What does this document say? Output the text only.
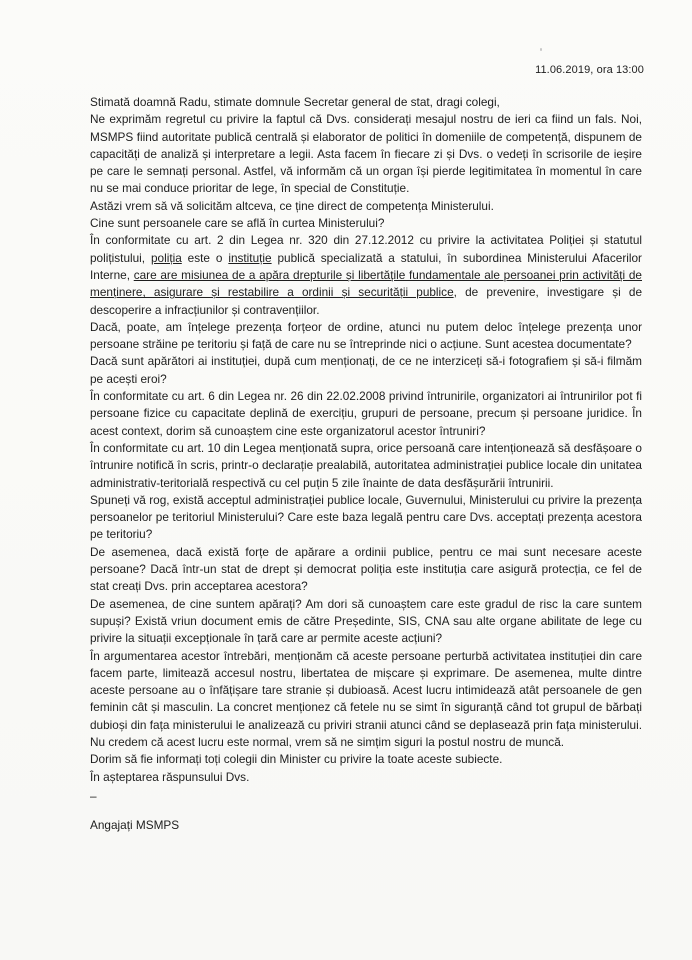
11.06.2019, ora 13:00

Stimată doamnă Radu, stimate domnule Secretar general de stat, dragi colegi,

Ne exprimăm regretul cu privire la faptul că Dvs. considerați mesajul nostru de ieri ca fiind un fals. Noi, MSMPS fiind autoritate publică centrală și elaborator de politici în domeniile de competență, dispunem de capacități de analiză și interpretare a legii. Asta facem în fiecare zi și Dvs. o vedeți în scrisorile de ieșire pe care le semnați personal. Astfel, vă informăm că un organ își pierde legitimitatea în momentul în care nu se mai conduce prioritar de lege, în special de Constituție.

Astăzi vrem să vă solicităm altceva, ce ține direct de competența Ministerului.

Cine sunt persoanele care se află în curtea Ministerului?

În conformitate cu art. 2 din Legea nr. 320 din 27.12.2012 cu privire la activitatea Poliției și statutul polițistului, poliția este o instituție publică specializată a statului, în subordinea Ministerului Afacerilor Interne, care are misiunea de a apăra drepturile și libertățile fundamentale ale persoanei prin activități de menținere, asigurare și restabilire a ordinii și securității publice, de prevenire, investigare și de descoperire a infracțiunilor și contravențiilor.

Dacă, poate, am înțelege prezența forțeor de ordine, atunci nu putem deloc înțelege prezența unor persoane străine pe teritoriu și față de care nu se întreprinde nici o acțiune. Sunt acestea documentate?

Dacă sunt apărători ai instituției, după cum menționați, de ce ne interziceți să-i fotografiem și să-i filmăm pe acești eroi?

În conformitate cu art. 6 din Legea nr. 26 din 22.02.2008 privind întrunirile, organizatori ai întrunirilor pot fi persoane fizice cu capacitate deplină de exercițiu, grupuri de persoane, precum și persoane juridice. În acest context, dorim să cunoaștem cine este organizatorul acestor întruniri?

În conformitate cu art. 10 din Legea menționată supra, orice persoană care intenționează să desfășoare o întrunire notifică în scris, printr-o declarație prealabilă, autoritatea administrației publice locale din unitatea administrativ-teritorială respectivă cu cel puțin 5 zile înainte de data desfășurării întrunirii.

Spuneți vă rog, există acceptul administrației publice locale, Guvernului, Ministerului cu privire la prezența persoanelor pe teritoriul Ministerului? Care este baza legală pentru care Dvs. acceptați prezența acestora pe teritoriu?

De asemenea, dacă există forțe de apărare a ordinii publice, pentru ce mai sunt necesare aceste persoane? Dacă într-un stat de drept și democrat poliția este instituția care asigură protecția, ce fel de stat creați Dvs. prin acceptarea acestora?

De asemenea, de cine suntem apărați? Am dori să cunoaștem care este gradul de risc la care suntem supuși? Există vriun document emis de către Președinte, SIS, CNA sau alte organe abilitate de lege cu privire la situații excepționale în țară care ar permite aceste acțiuni?

În argumentarea acestor întrebări, menționăm că aceste persoane perturbă activitatea instituției din care facem parte, limitează accesul nostru, libertatea de mișcare și exprimare. De asemenea, multe dintre aceste persoane au o înfățișare tare stranie și dubioasă. Acest lucru intimidează atât persoanele de gen feminin cât și masculin. La concret menționez că fetele nu se simt în siguranță când tot grupul de bărbați dubioși din fața ministerului le analizează cu priviri stranii atunci când se deplasează prin fața ministerului. Nu credem că acest lucru este normal, vrem să ne simțim siguri la postul nostru de muncă.

Dorim să fie informați toți colegii din Minister cu privire la toate aceste subiecte.

În așteptarea răspunsului Dvs.

–

Angajați MSMPS
